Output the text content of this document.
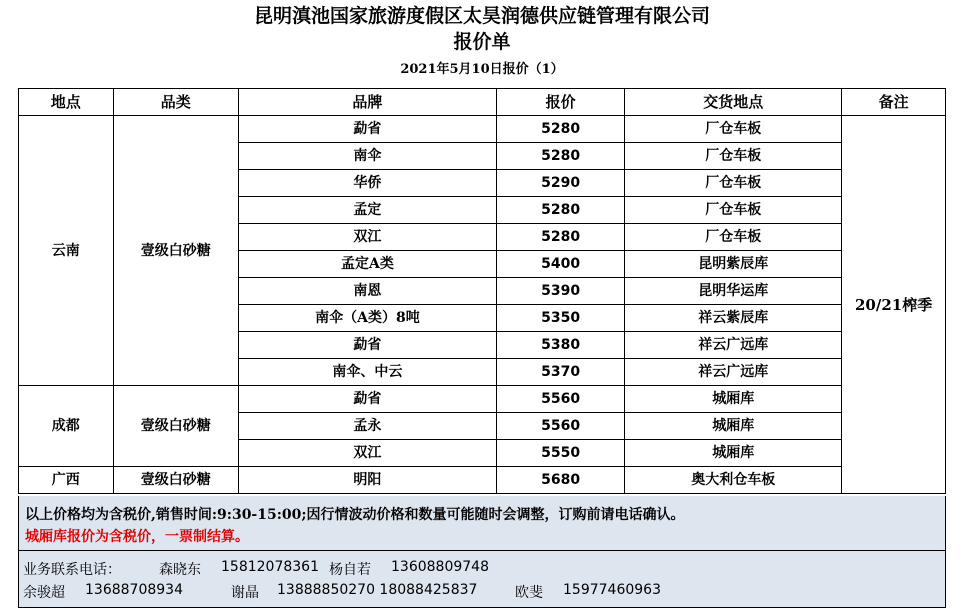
昆明滇池国家旅游度假区太昊润德供应链管理有限公司
报价单
2021年5月10日报价（1）
地点	品类	品牌	报价	交货地点	备注
云南	壹级白砂糖	勐省	5280	厂仓车板	20/21榨季
		南伞	5280	厂仓车板	
		华侨	5290	厂仓车板	
		孟定	5280	厂仓车板	
		双江	5280	厂仓车板	
		孟定A类	5400	昆明紫辰库	
		南恩	5390	昆明华运库	
		南伞（A类）8吨	5350	祥云紫辰库	
		勐省	5380	祥云广远库	
		南伞、中云	5370	祥云广远库	
成都	壹级白砂糖	勐省	5560	城厢库	
		孟永	5560	城厢库	
		双江	5550	城厢库	
广西	壹级白砂糖	明阳	5680	奥大利仓车板	
以上价格均为含税价,销售时间:9:30-15:00;因行情波动价格和数量可能随时会调整，订购前请电话确认。
城厢库报价为含税价，一票制结算。
业务联系电话：	森晓东 15812078361 杨自若 13608809748
余骏超 13688708934	谢晶 13888850270 18088425837	欧斐 15977460963
